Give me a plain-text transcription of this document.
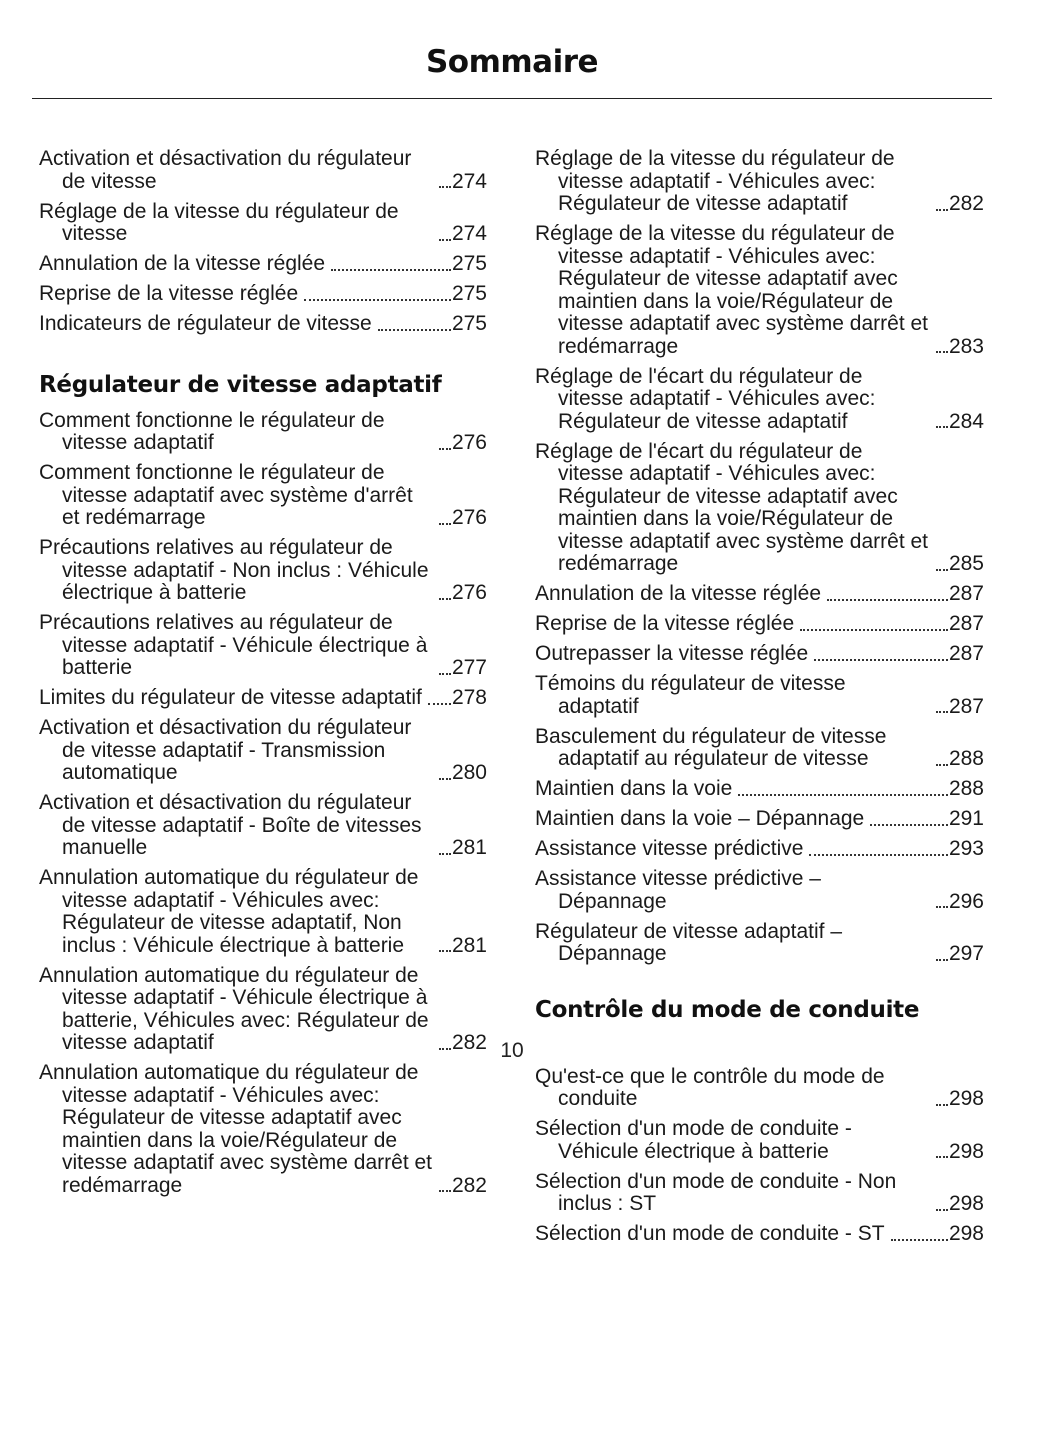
Sommaire
Activation et désactivation du régulateur de vitesse	274
Réglage de la vitesse du régulateur de vitesse	274
Annulation de la vitesse réglée	275
Reprise de la vitesse réglée	275
Indicateurs de régulateur de vitesse	275
Régulateur de vitesse adaptatif
Comment fonctionne le régulateur de vitesse adaptatif	276
Comment fonctionne le régulateur de vitesse adaptatif avec système d'arrêt et redémarrage	276
Précautions relatives au régulateur de vitesse adaptatif - Non inclus : Véhicule électrique à batterie	276
Précautions relatives au régulateur de vitesse adaptatif - Véhicule électrique à batterie	277
Limites du régulateur de vitesse adaptatif 278
Activation et désactivation du régulateur de vitesse adaptatif - Transmission automatique	280
Activation et désactivation du régulateur de vitesse adaptatif - Boîte de vitesses manuelle	281
Annulation automatique du régulateur de vitesse adaptatif - Véhicules avec: Régulateur de vitesse adaptatif, Non inclus : Véhicule électrique à batterie	281
Annulation automatique du régulateur de vitesse adaptatif - Véhicule électrique à batterie, Véhicules avec: Régulateur de vitesse adaptatif	282
Annulation automatique du régulateur de vitesse adaptatif - Véhicules avec: Régulateur de vitesse adaptatif avec maintien dans la voie/Régulateur de vitesse adaptatif avec système darrêt et redémarrage	282
Réglage de la vitesse du régulateur de vitesse adaptatif - Véhicules avec: Régulateur de vitesse adaptatif	282
Réglage de la vitesse du régulateur de vitesse adaptatif - Véhicules avec: Régulateur de vitesse adaptatif avec maintien dans la voie/Régulateur de vitesse adaptatif avec système darrêt et redémarrage	283
Réglage de l'écart du régulateur de vitesse adaptatif - Véhicules avec: Régulateur de vitesse adaptatif	284
Réglage de l'écart du régulateur de vitesse adaptatif - Véhicules avec: Régulateur de vitesse adaptatif avec maintien dans la voie/Régulateur de vitesse adaptatif avec système darrêt et redémarrage	285
Annulation de la vitesse réglée	287
Reprise de la vitesse réglée	287
Outrepasser la vitesse réglée	287
Témoins du régulateur de vitesse adaptatif	287
Basculement du régulateur de vitesse adaptatif au régulateur de vitesse	288
Maintien dans la voie	288
Maintien dans la voie – Dépannage	291
Assistance vitesse prédictive	293
Assistance vitesse prédictive – Dépannage	296
Régulateur de vitesse adaptatif – Dépannage	297
Contrôle du mode de conduite
Qu'est-ce que le contrôle du mode de conduite	298
Sélection d'un mode de conduite - Véhicule électrique à batterie	298
Sélection d'un mode de conduite - Non inclus : ST	298
Sélection d'un mode de conduite - ST	298
10
